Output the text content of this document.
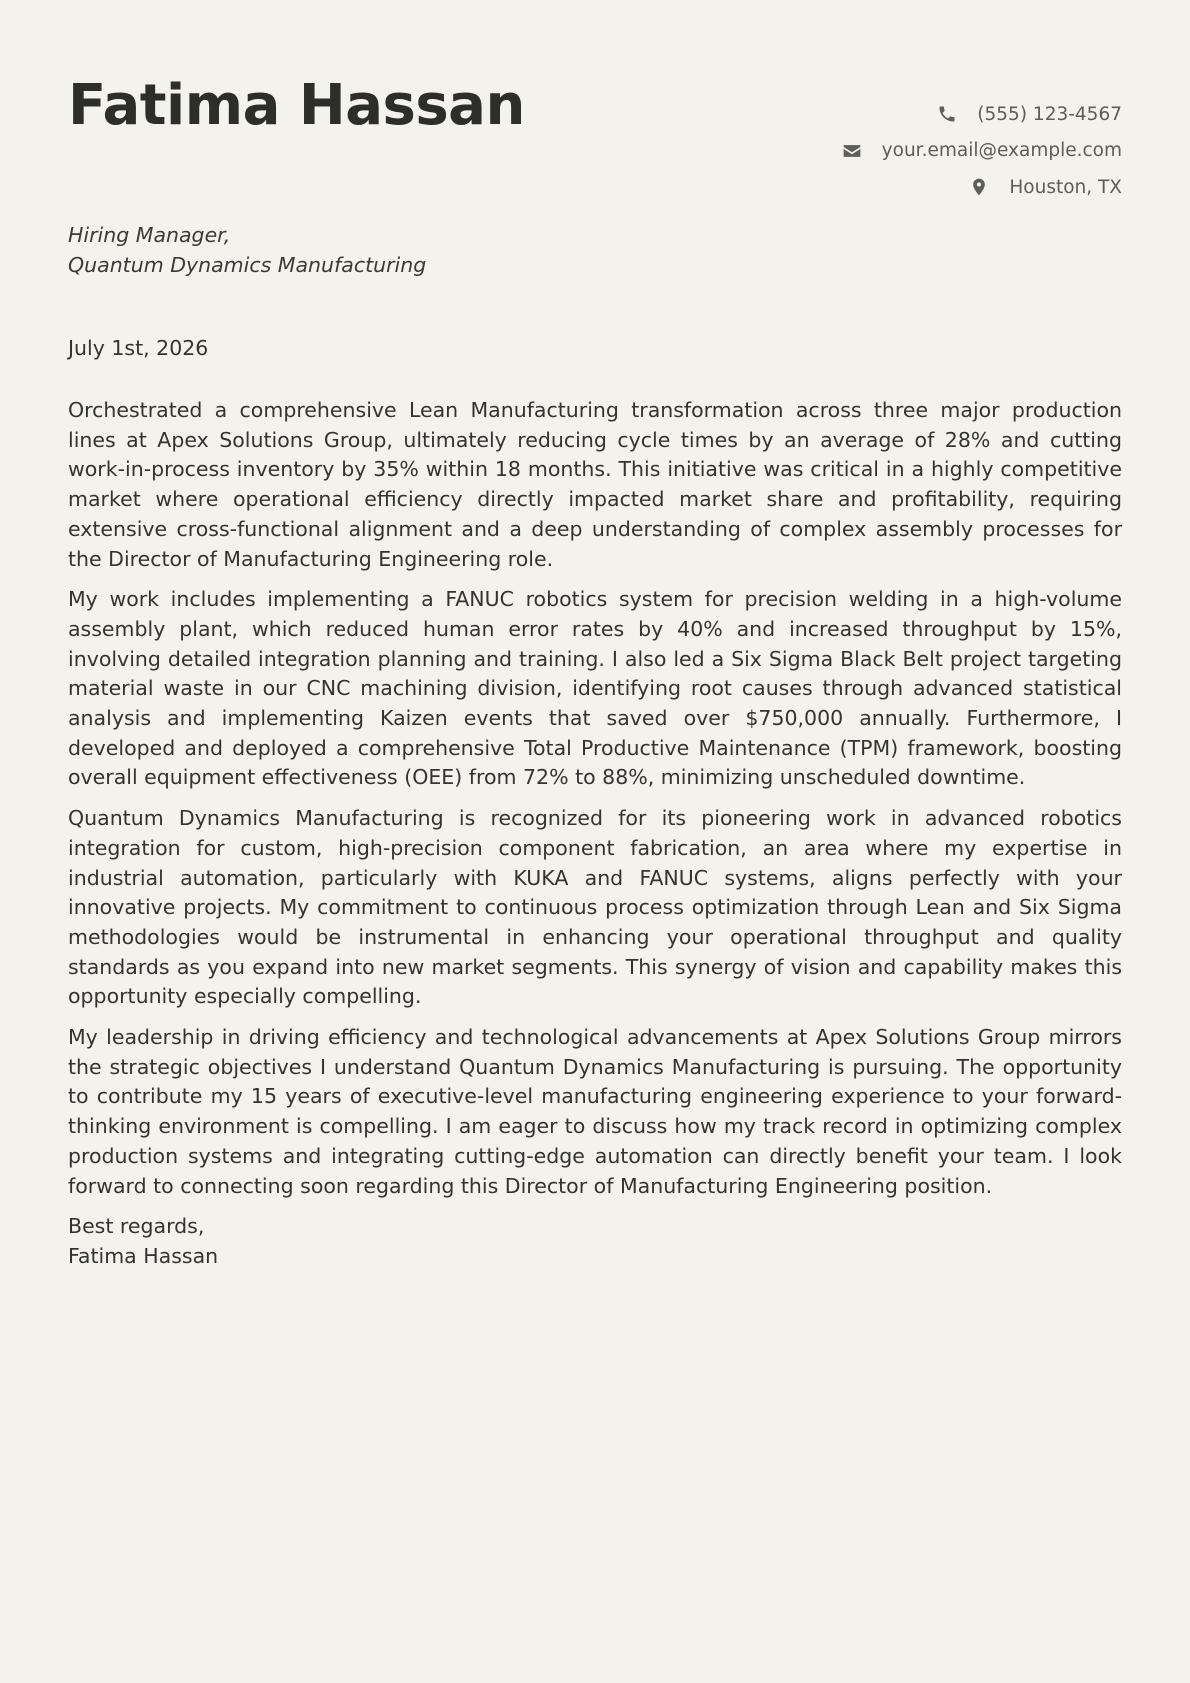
Fatima Hassan	(555) 123-4567
your.email@example.com
Houston, TX
Hiring Manager,
Quantum Dynamics Manufacturing
July 1st, 2026

Orchestrated a comprehensive Lean Manufacturing transformation across three major production lines at Apex Solutions Group, ultimately reducing cycle times by an average of 28% and cutting work-in-process inventory by 35% within 18 months. This initiative was critical in a highly competitive market where operational efficiency directly impacted market share and profitability, requiring extensive cross-functional alignment and a deep understanding of complex assembly processes for the Director of Manufacturing Engineering role.

My work includes implementing a FANUC robotics system for precision welding in a high-volume assembly plant, which reduced human error rates by 40% and increased throughput by 15%, involving detailed integration planning and training. I also led a Six Sigma Black Belt project targeting material waste in our CNC machining division, identifying root causes through advanced statistical analysis and implementing Kaizen events that saved over $750,000 annually. Furthermore, I developed and deployed a comprehensive Total Productive Maintenance (TPM) framework, boosting overall equipment effectiveness (OEE) from 72% to 88%, minimizing unscheduled downtime.

Quantum Dynamics Manufacturing is recognized for its pioneering work in advanced robotics integration for custom, high-precision component fabrication, an area where my expertise in industrial automation, particularly with KUKA and FANUC systems, aligns perfectly with your innovative projects. My commitment to continuous process optimization through Lean and Six Sigma methodologies would be instrumental in enhancing your operational throughput and quality standards as you expand into new market segments. This synergy of vision and capability makes this opportunity especially compelling.

My leadership in driving efficiency and technological advancements at Apex Solutions Group mirrors the strategic objectives I understand Quantum Dynamics Manufacturing is pursuing. The opportunity to contribute my 15 years of executive-level manufacturing engineering experience to your forward-thinking environment is compelling. I am eager to discuss how my track record in optimizing complex production systems and integrating cutting-edge automation can directly benefit your team. I look forward to connecting soon regarding this Director of Manufacturing Engineering position.

Best regards,
Fatima Hassan
